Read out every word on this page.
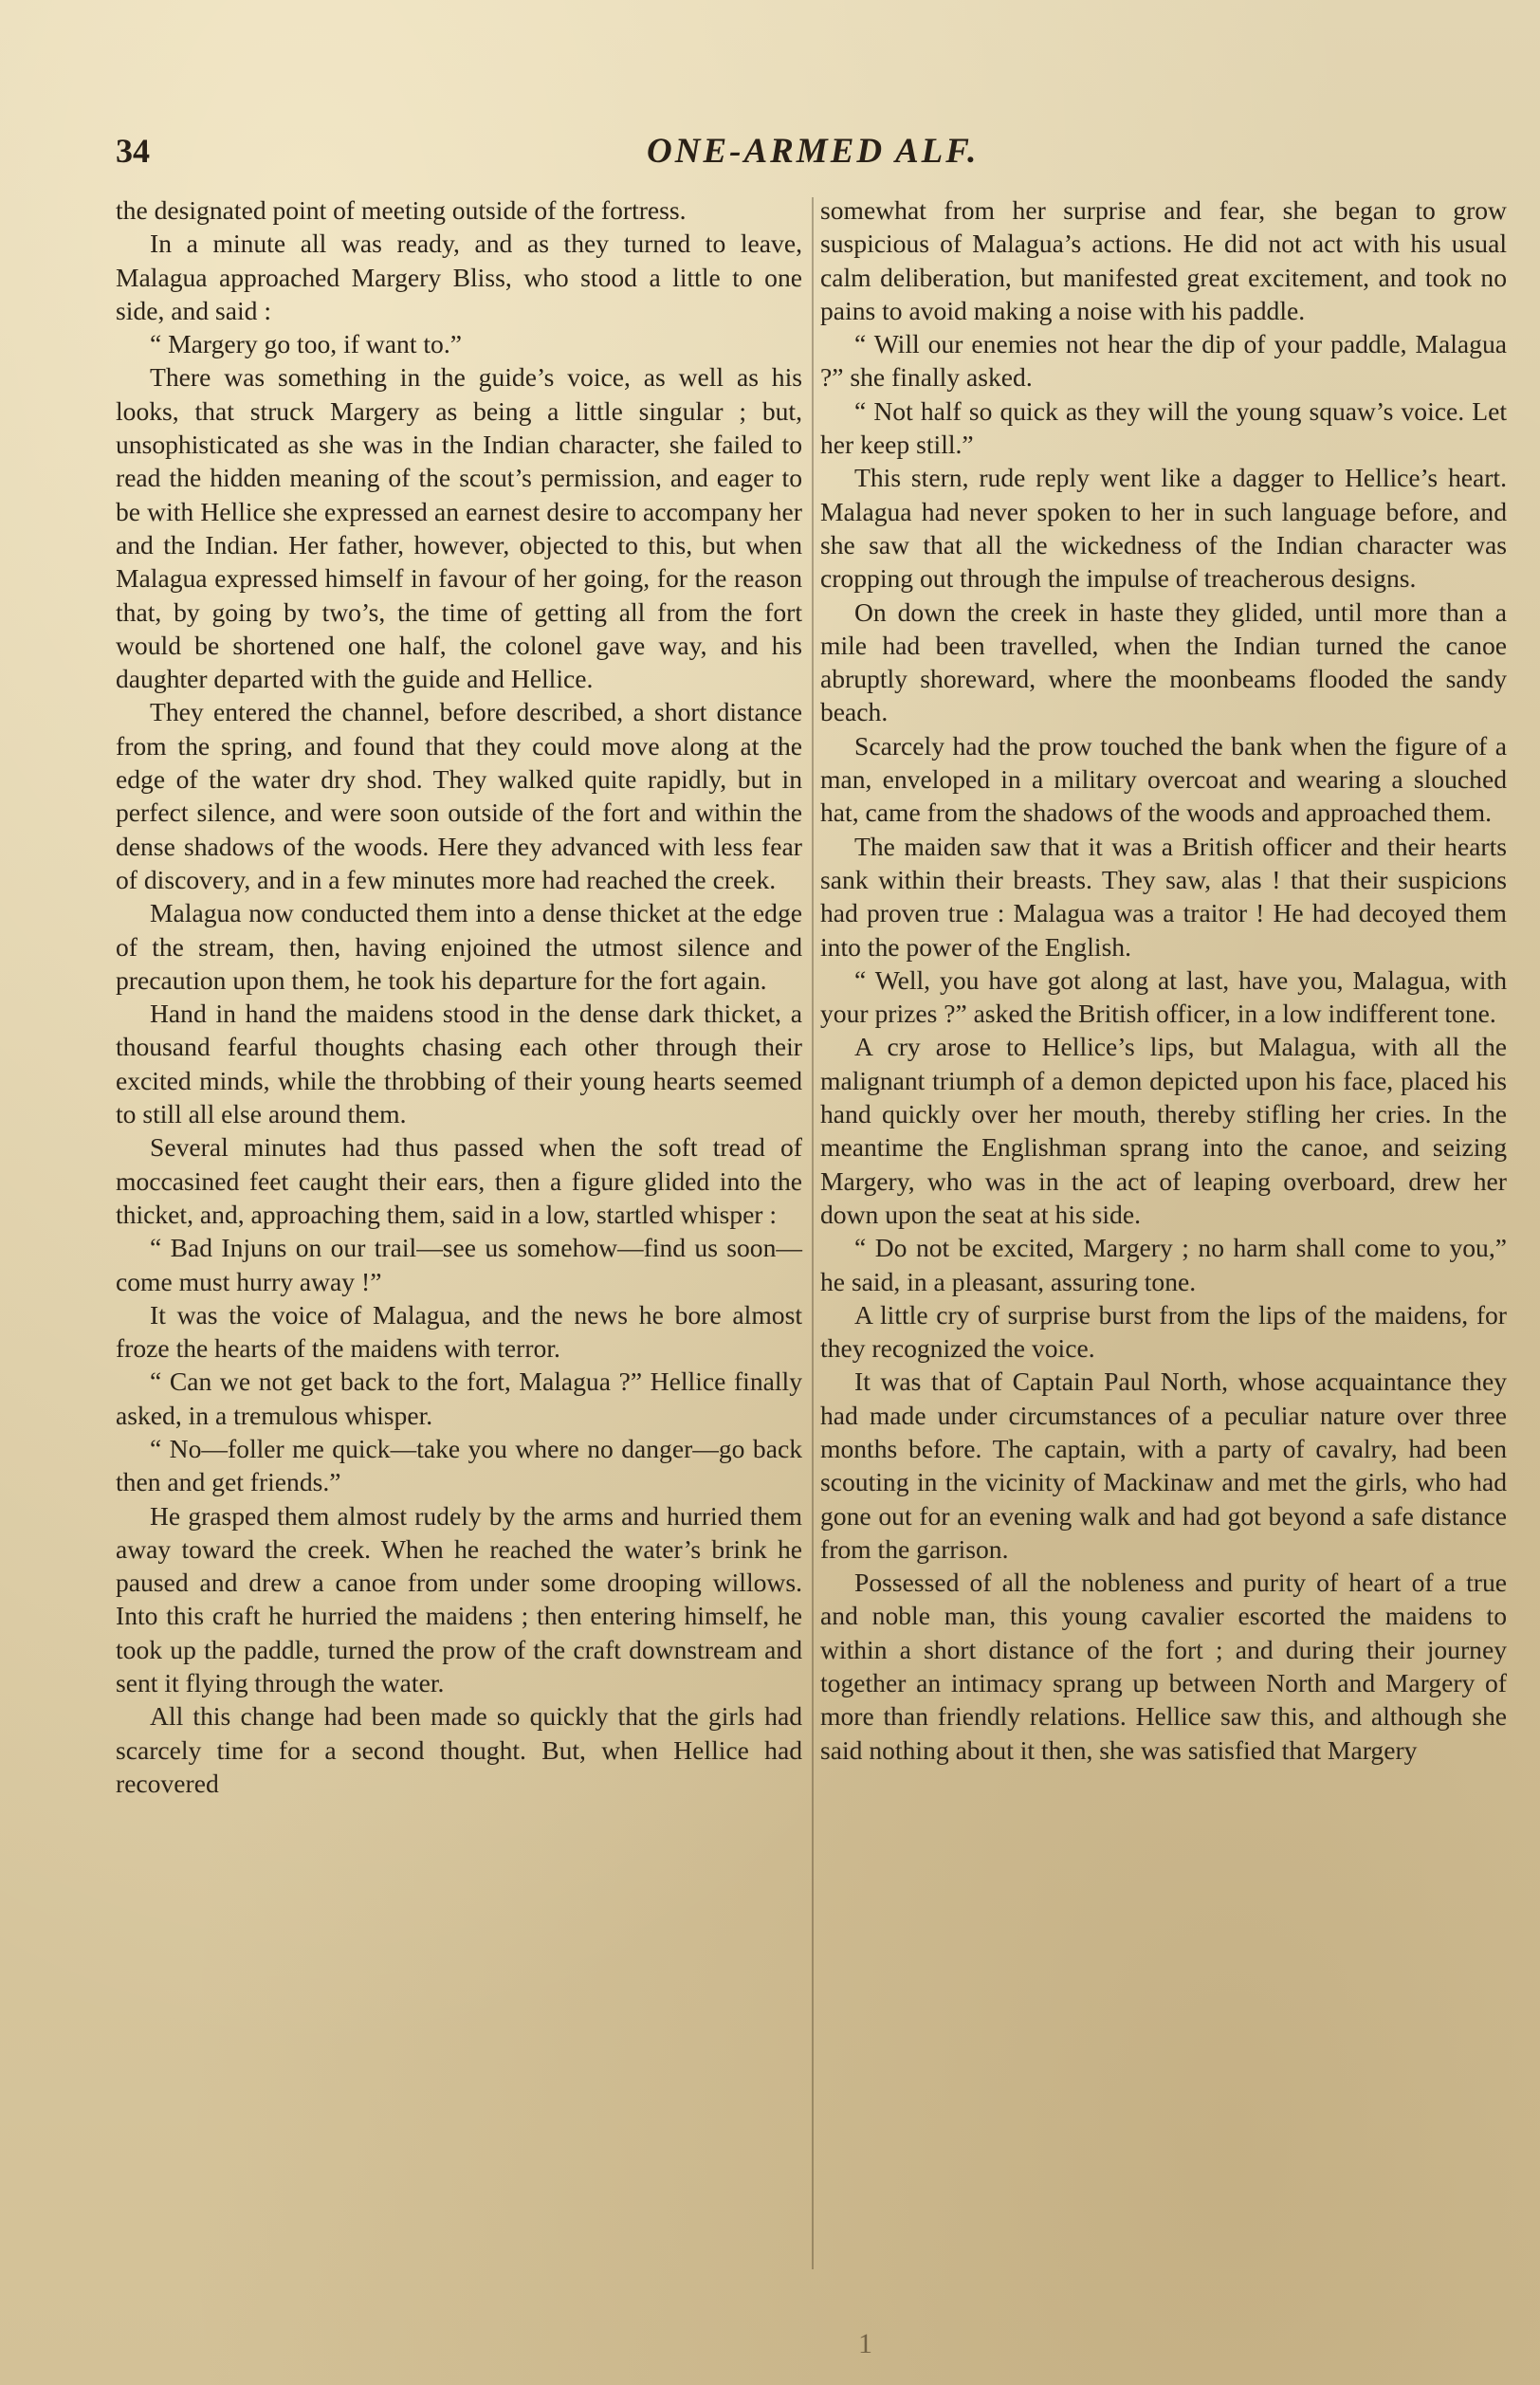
34	ONE-ARMED ALF.

the designated point of meeting outside of the fortress.

In a minute all was ready, and as they turned to leave, Malagua approached Margery Bliss, who stood a little to one side, and said :

“ Margery go too, if want to.”

There was something in the guide’s voice, as well as his looks, that struck Margery as being a little singular ; but, unsophisticated as she was in the Indian character, she failed to read the hidden meaning of the scout’s permission, and eager to be with Hellice she expressed an earnest desire to accompany her and the Indian. Her father, however, objected to this, but when Malagua expressed himself in favour of her going, for the reason that, by going by two’s, the time of getting all from the fort would be shortened one half, the colonel gave way, and his daughter departed with the guide and Hellice.

They entered the channel, before described, a short distance from the spring, and found that they could move along at the edge of the water dry shod. They walked quite rapidly, but in perfect silence, and were soon outside of the fort and within the dense shadows of the woods. Here they advanced with less fear of discovery, and in a few minutes more had reached the creek.

Malagua now conducted them into a dense thicket at the edge of the stream, then, having enjoined the utmost silence and precaution upon them, he took his departure for the fort again.

Hand in hand the maidens stood in the dense dark thicket, a thousand fearful thoughts chasing each other through their excited minds, while the throbbing of their young hearts seemed to still all else around them.

Several minutes had thus passed when the soft tread of moccasined feet caught their ears, then a figure glided into the thicket, and, approaching them, said in a low, startled whisper :

“ Bad Injuns on our trail—see us somehow—find us soon—come must hurry away !”

It was the voice of Malagua, and the news he bore almost froze the hearts of the maidens with terror.

“ Can we not get back to the fort, Malagua ?” Hellice finally asked, in a tremulous whisper.

“ No—foller me quick—take you where no danger—go back then and get friends.”

He grasped them almost rudely by the arms and hurried them away toward the creek. When he reached the water’s brink he paused and drew a canoe from under some drooping willows. Into this craft he hurried the maidens ; then entering himself, he took up the paddle, turned the prow of the craft downstream and sent it flying through the water.

All this change had been made so quickly that the girls had scarcely time for a second thought. But, when Hellice had recovered

somewhat from her surprise and fear, she began to grow suspicious of Malagua’s actions. He did not act with his usual calm deliberation, but manifested great excitement, and took no pains to avoid making a noise with his paddle.

“ Will our enemies not hear the dip of your paddle, Malagua ?” she finally asked.

“ Not half so quick as they will the young squaw’s voice. Let her keep still.”

This stern, rude reply went like a dagger to Hellice’s heart. Malagua had never spoken to her in such language before, and she saw that all the wickedness of the Indian character was cropping out through the impulse of treacherous designs.

On down the creek in haste they glided, until more than a mile had been travelled, when the Indian turned the canoe abruptly shoreward, where the moonbeams flooded the sandy beach.

Scarcely had the prow touched the bank when the figure of a man, enveloped in a military overcoat and wearing a slouched hat, came from the shadows of the woods and approached them.

The maiden saw that it was a British officer and their hearts sank within their breasts. They saw, alas ! that their suspicions had proven true : Malagua was a traitor ! He had decoyed them into the power of the English.

“ Well, you have got along at last, have you, Malagua, with your prizes ?” asked the British officer, in a low indifferent tone.

A cry arose to Hellice’s lips, but Malagua, with all the malignant triumph of a demon depicted upon his face, placed his hand quickly over her mouth, thereby stifling her cries. In the meantime the Englishman sprang into the canoe, and seizing Margery, who was in the act of leaping overboard, drew her down upon the seat at his side.

“ Do not be excited, Margery ; no harm shall come to you,” he said, in a pleasant, assuring tone.

A little cry of surprise burst from the lips of the maidens, for they recognized the voice.

It was that of Captain Paul North, whose acquaintance they had made under circumstances of a peculiar nature over three months before. The captain, with a party of cavalry, had been scouting in the vicinity of Mackinaw and met the girls, who had gone out for an evening walk and had got beyond a safe distance from the garrison.

Possessed of all the nobleness and purity of heart of a true and noble man, this young cavalier escorted the maidens to within a short distance of the fort ; and during their journey together an intimacy sprang up between North and Margery of more than friendly relations. Hellice saw this, and although she said nothing about it then, she was satisfied that Margery

1
